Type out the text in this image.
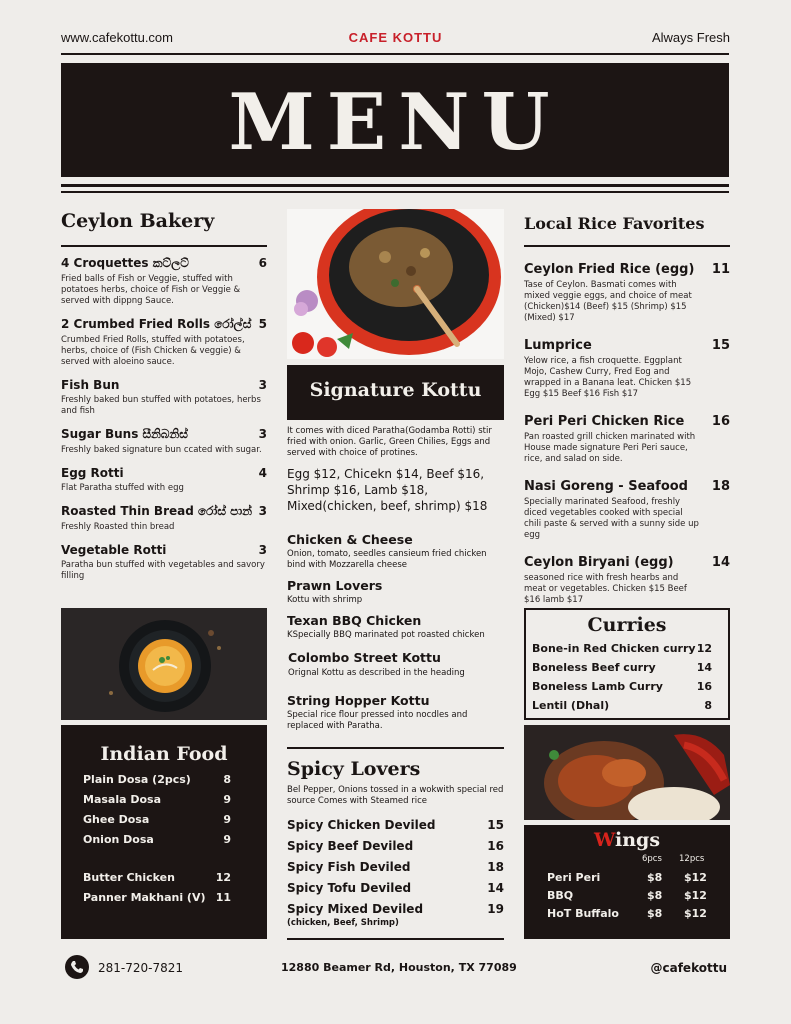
www.cafekottu.com	CAFE KOTTU	Always Fresh
MENU
Ceylon Bakery
4 Croquettes කට්ලට්	6
Fried balls of Fish or Veggie, stuffed with potatoes herbs, choice of Fish or Veggie & served with dippng Sauce.
2 Crumbed Fried Rolls රෝල්ස් 5
Crumbed Fried Rolls, stuffed with potatoes, herbs, choice of (Fish Chicken & veggie) & served with aloeino sauce.
Fish Bun	3
Freshly baked bun stuffed with potatoes, herbs and fish
Sugar Buns සීනිබනිස්	3
Freshly baked signature bun ccated with sugar.
Egg Rotti	4
Flat Paratha stuffed with egg
Roasted Thin Bread රෝස් පාන් 3
Freshly Roasted thin bread
Vegetable Rotti	3
Paratha bun stuffed with vegetables and savory filling
Indian Food
Plain Dosa (2pcs)	8
Masala Dosa	9
Ghee Dosa	9
Onion Dosa	9
Butter Chicken	12
Panner Makhani (V) 11
Signature Kottu
It comes with diced Paratha(Godamba Rotti) stir fried with onion. Garlic, Green Chilies, Eggs and served with choice of protines.
Egg $12, Chicekn $14, Beef $16, Shrimp $16, Lamb $18, Mixed(chicken, beef, shrimp) $18
Chicken & Cheese
Onion, tomato, seedles cansieum fried chicken bind with Mozzarella cheese
Prawn Lovers
Kottu with shrimp
Texan BBQ Chicken
KSpecially BBQ marinated pot roasted chicken
Colombo Street Kottu
Orignal Kottu as described in the heading
String Hopper Kottu
Special rice flour pressed into nocdles and replaced with Paratha.
Spicy Lovers
Bel Pepper, Onions tossed in a wokwith special red source Comes with Steamed rice
Spicy Chicken Deviled	15
Spicy Beef Deviled	16
Spicy Fish Deviled	18
Spicy Tofu Deviled	14
Spicy Mixed Deviled	19
(chicken, Beef, Shrimp)
Local Rice Favorites
Ceylon Fried Rice (egg) 11
Tase of Ceylon. Basmati comes with mixed veggie eggs, and choice of meat (Chicken)$14 (Beef) $15 (Shrimp) $15 (Mixed) $17
Lumprice	15
Yelow rice, a fish croquette. Eggplant Mojo, Cashew Curry, Fred Eog and wrapped in a Banana leat. Chicken $15 Egg $15 Beef $16 Fish $17
Peri Peri Chicken Rice 16
Pan roasted grill chicken marinated with House made signature Peri Peri sauce, rice, and salad on side.
Nasi Goreng - Seafood 18
Specially marinated Seafood, freshly diced vegetables cooked with special chili paste & served with a sunny side up egg
Ceylon Biryani (egg)	14
seasoned rice with fresh hearbs and meat or vegetables. Chicken $15 Beef $16 lamb $17
Curries
Bone-in Red Chicken curry 12
Boneless Beef curry	14
Boneless Lamb Curry	16
Lentil (Dhal)	8
Wings
6pcs 12pcs
Peri Peri	$8	$12
BBQ	$8	$12
HoT Buffalo	$8	$12
281-720-7821	12880 Beamer Rd, Houston, TX 77089	@cafekottu
